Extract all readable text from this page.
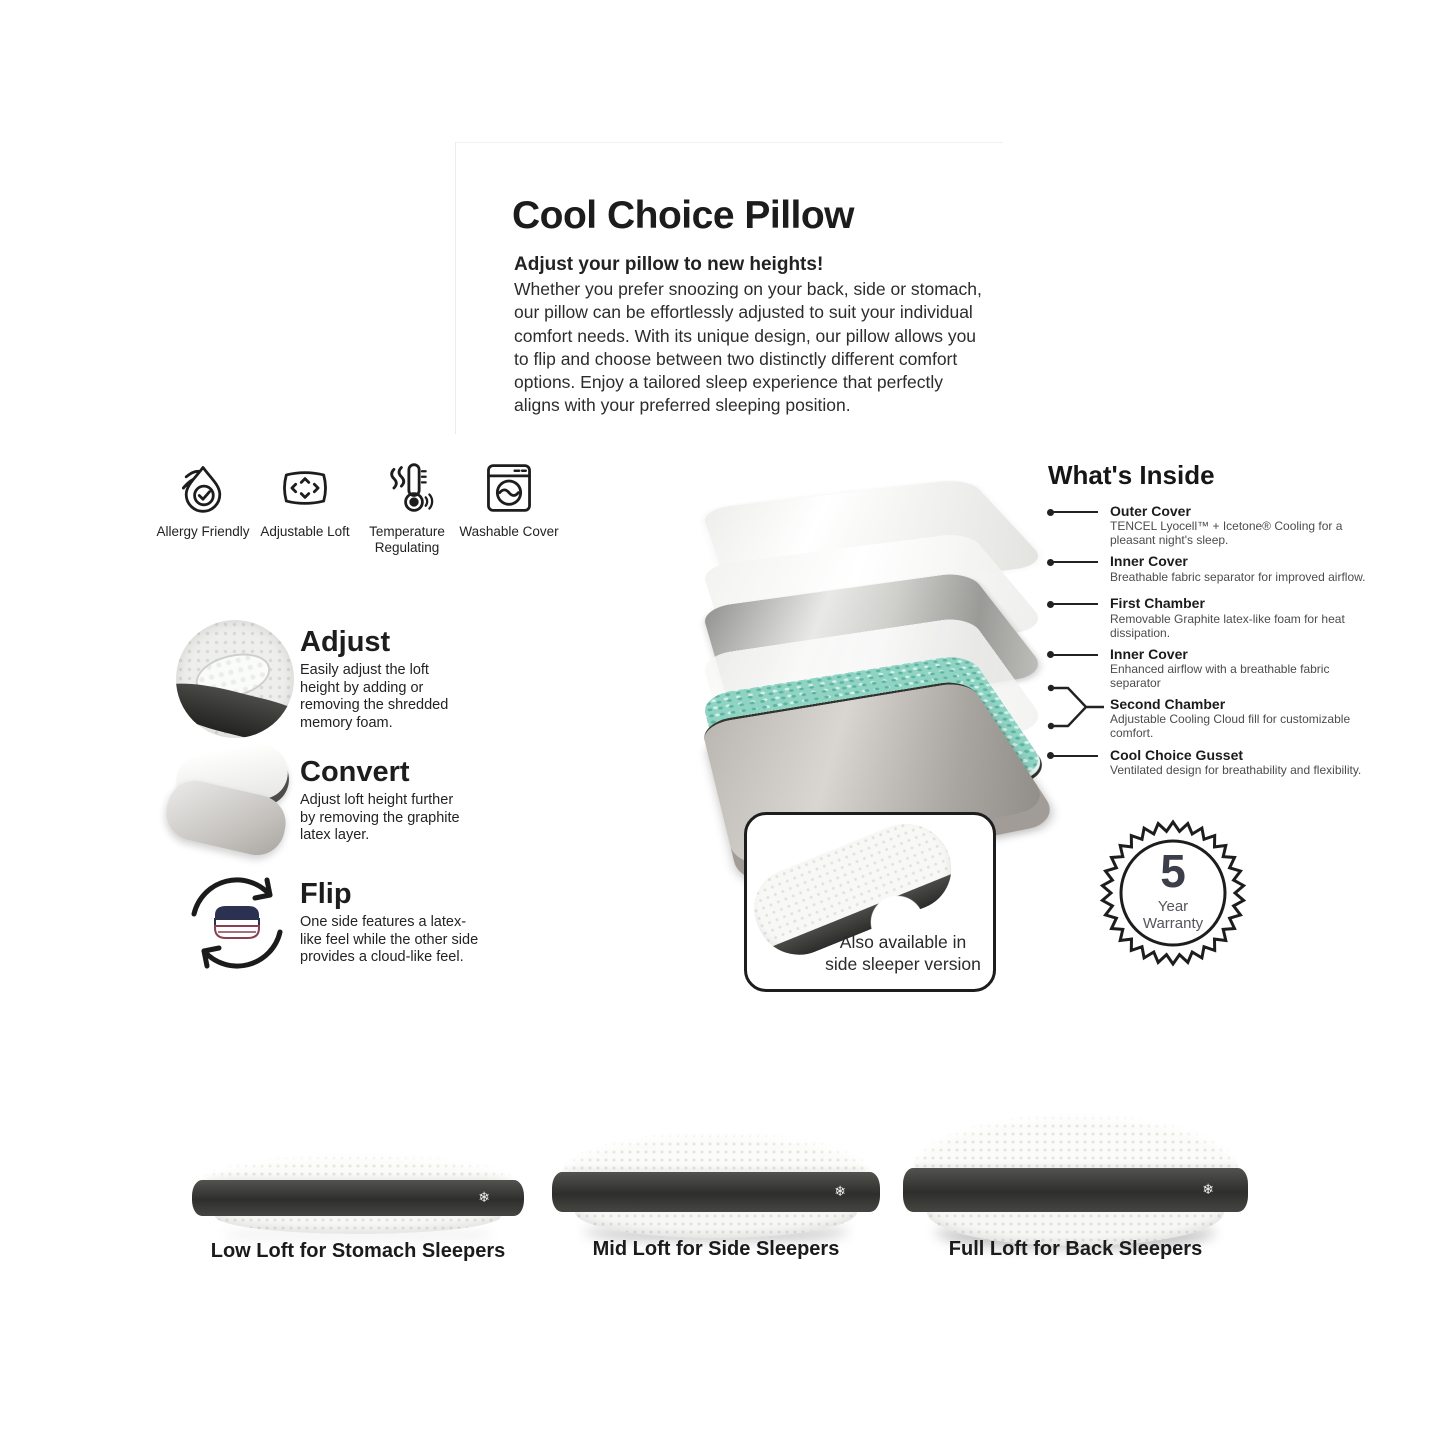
Cool Choice Pillow
Adjust your pillow to new heights!

Whether you prefer snoozing on your back, side or stomach, our pillow can be effortlessly adjusted to suit your individual comfort needs. With its unique design, our pillow allows you to flip and choose between two distinctly different comfort options. Enjoy a tailored sleep experience that perfectly aligns with your preferred sleeping position.

Allergy Friendly Adjustable Loft	Temperature Regulating
Washable Cover
What's Inside
Outer Cover
TENCEL Lyocell™ + Icetone® Cooling for a pleasant night's sleep.
Inner Cover
Breathable fabric separator for improved airflow.
First Chamber
Removable Graphite latex-like foam for heat dissipation.
Inner Cover
Enhanced airflow with a breathable fabric separator
Second Chamber
Adjustable Cooling Cloud fill for customizable comfort.
Cool Choice Gusset
Ventilated design for breathability and flexibility.
Adjust
Easily adjust the loft height by adding or removing the shredded memory foam.
Convert
Adjust loft height further by removing the graphite latex layer.
Flip
One side features a latex-like feel while the other side provides a cloud-like feel.
Also available in side sleeper version
5
Year
Warranty
❄	❄	❄
Low Loft for Stomach Sleepers	Mid Loft for Side Sleepers	Full Loft for Back Sleepers
